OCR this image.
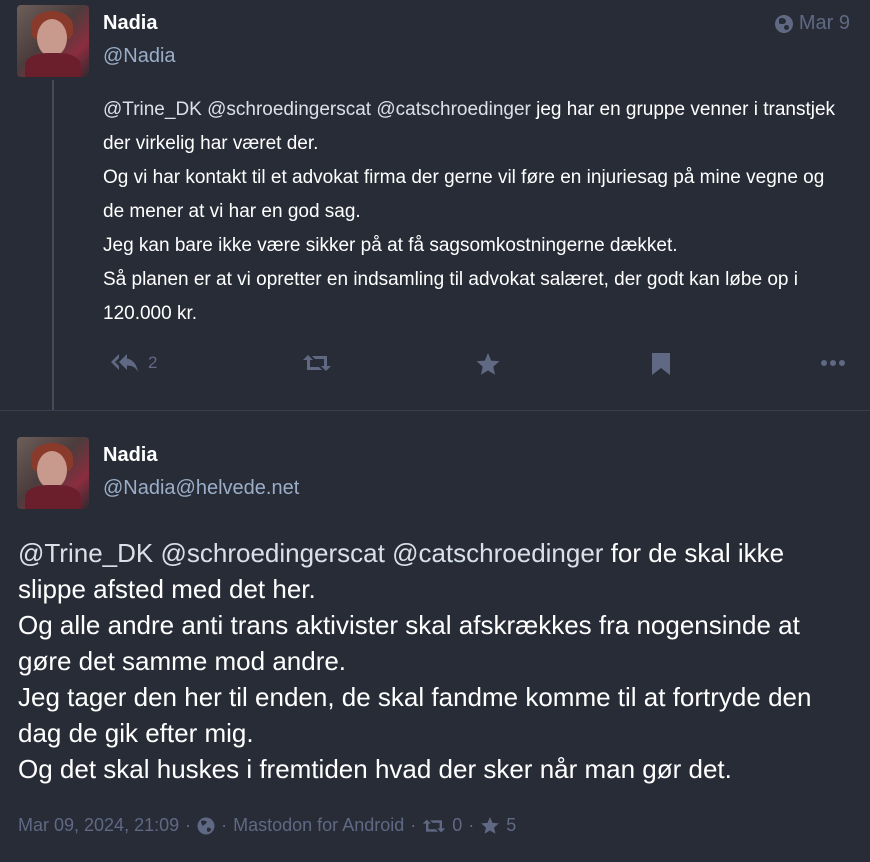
Nadia
@Nadia
Mar 9

@Trine_DK @schroedingerscat @catschroedinger jeg har en gruppe venner i transtjek der virkelig har været der.

Og vi har kontakt til et advokat firma der gerne vil føre en injuriesag på mine vegne og de mener at vi har en god sag.

Jeg kan bare ikke være sikker på at få sagsomkostningerne dækket.

Så planen er at vi opretter en indsamling til advokat salæret, der godt kan løbe op i 120.000 kr.

2
Nadia
@Nadia@helvede.net

@Trine_DK @schroedingerscat @catschroedinger for de skal ikke slippe afsted med det her.

Og alle andre anti trans aktivister skal afskrækkes fra nogensinde at gøre det samme mod andre.

Jeg tager den her til enden, de skal fandme komme til at fortryde den dag de gik efter mig.

Og det skal huskes i fremtiden hvad der sker når man gør det.

Mar 09, 2024, 21:09 · · Mastodon for Android · 0 · 5
